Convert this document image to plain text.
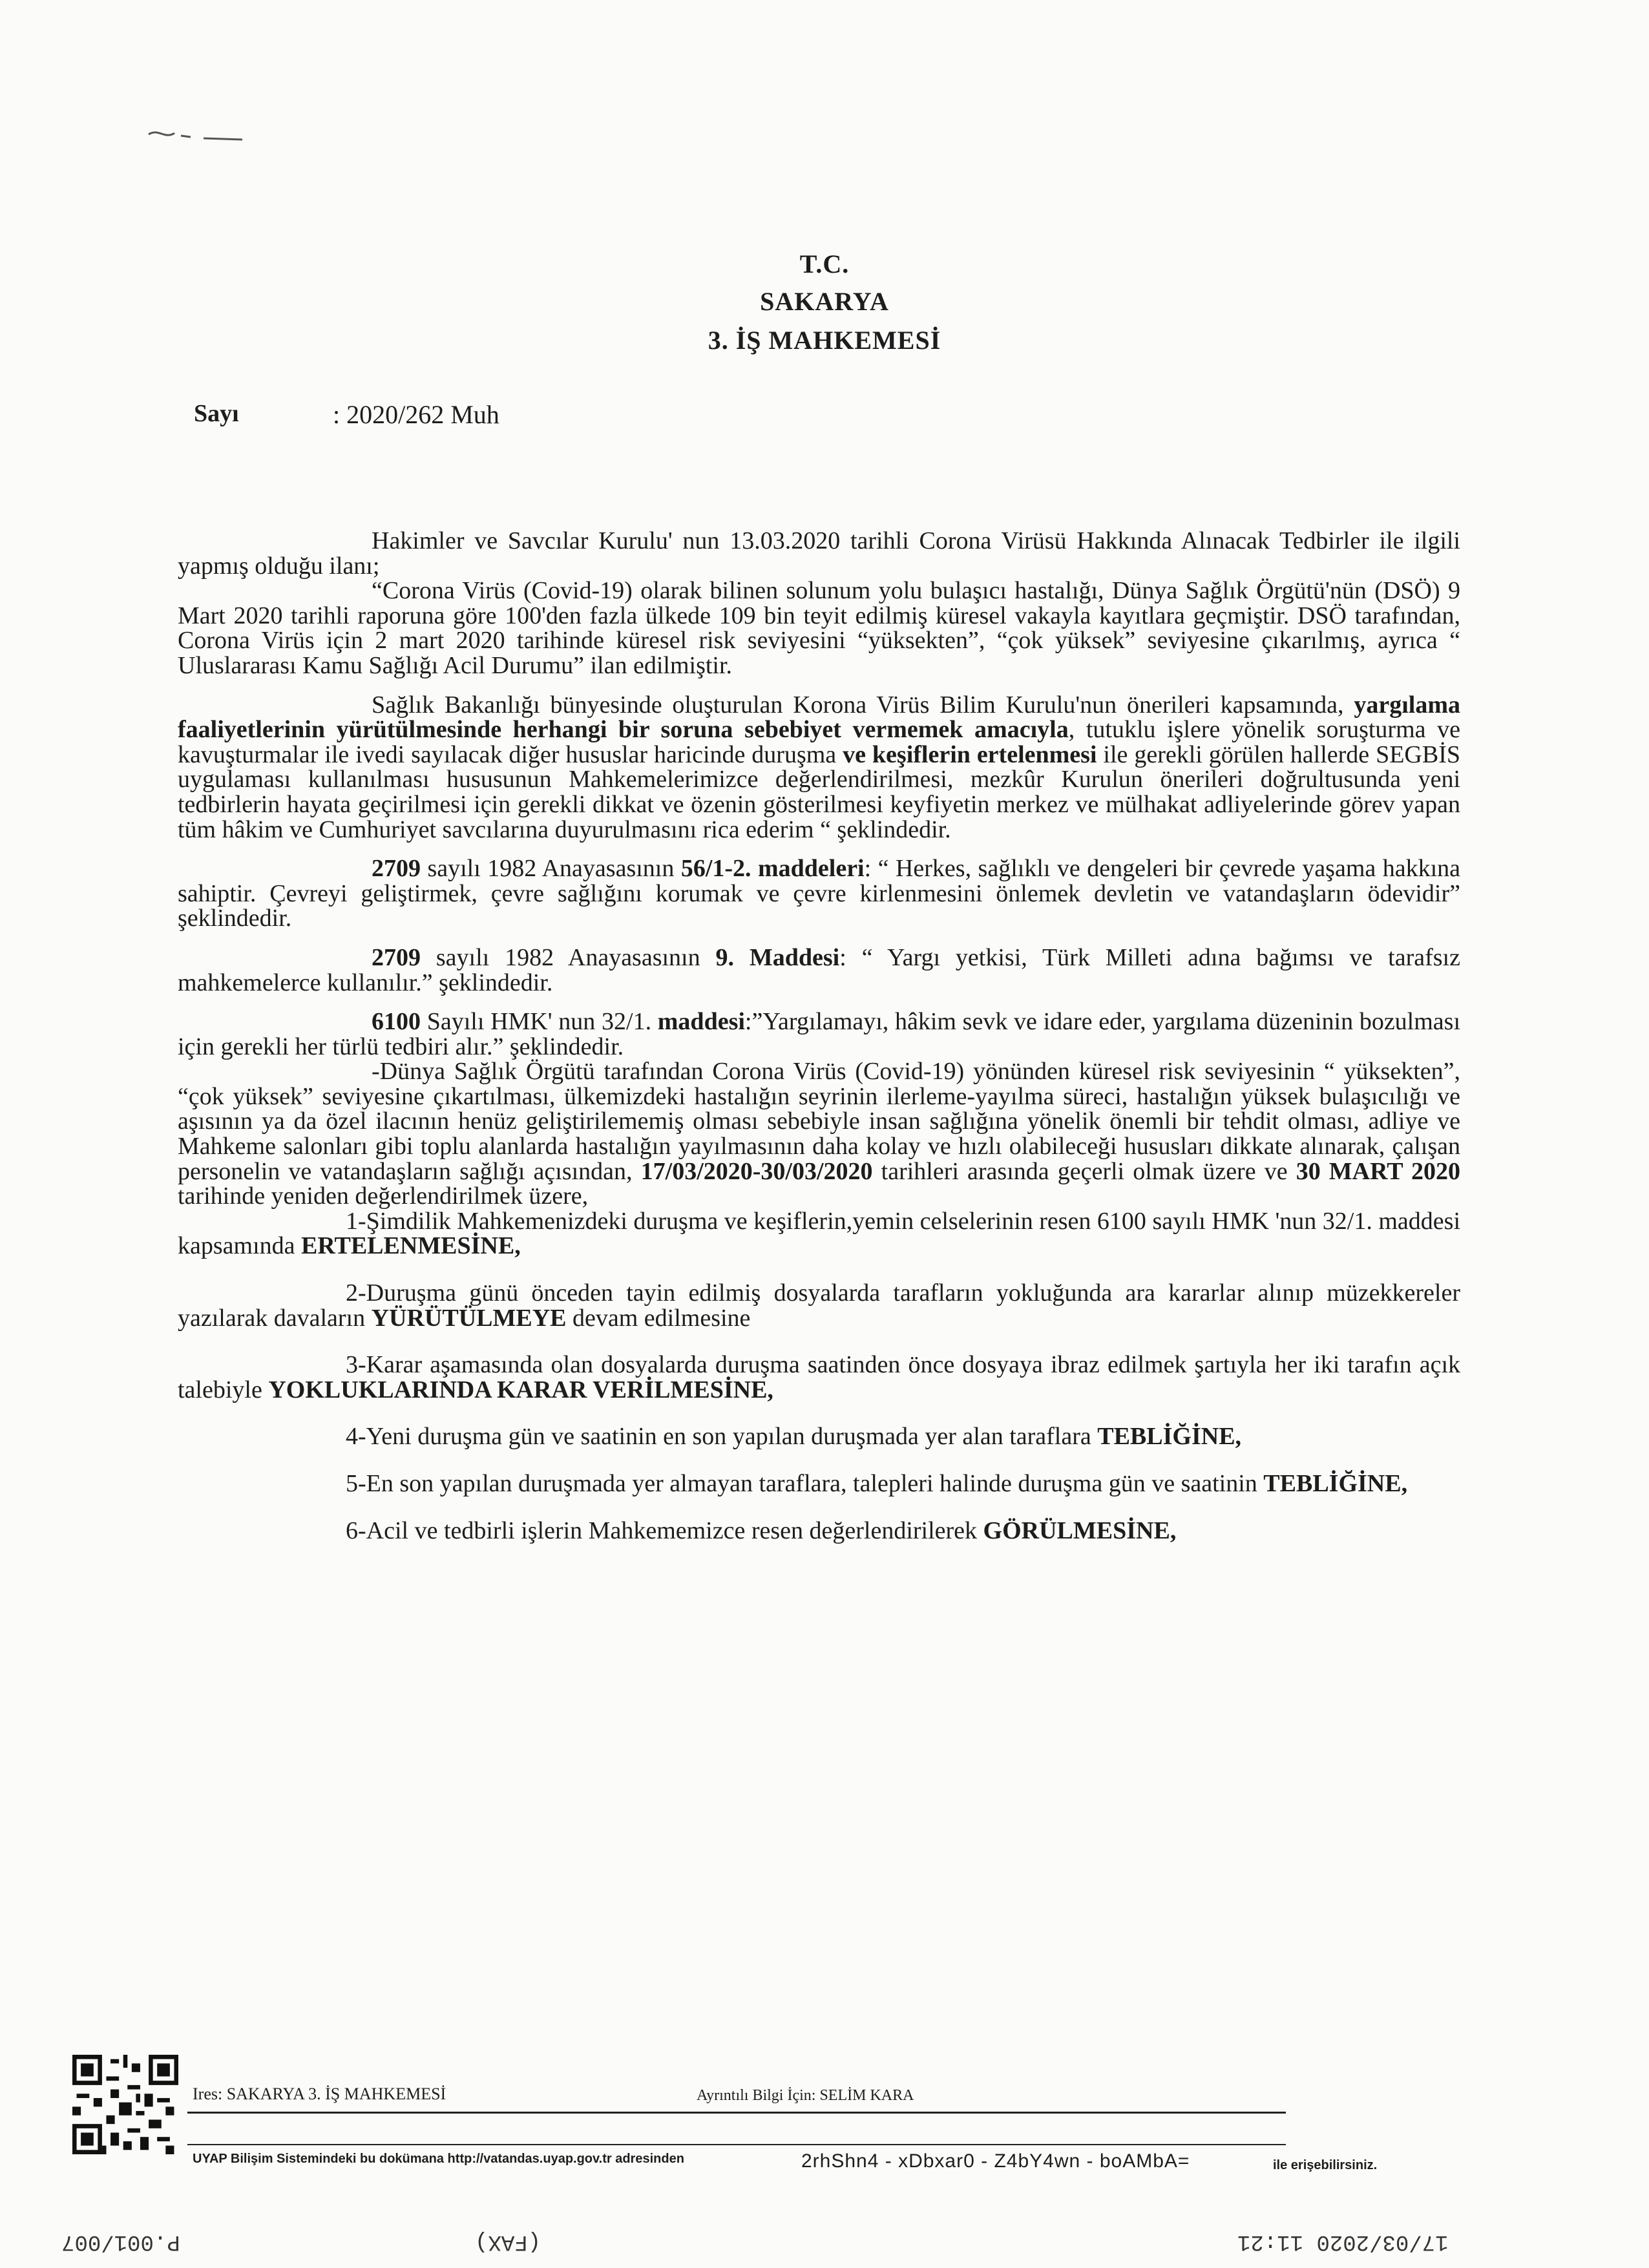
T.C.
SAKARYA
3. İŞ MAHKEMESİ
Sayı	: 2020/262 Muh

Hakimler ve Savcılar Kurulu' nun 13.03.2020 tarihli Corona Virüsü Hakkında Alınacak Tedbirler ile ilgili yapmış olduğu ilanı;

“Corona Virüs (Covid-19) olarak bilinen solunum yolu bulaşıcı hastalığı, Dünya Sağlık Örgütü'nün (DSÖ) 9 Mart 2020 tarihli raporuna göre 100'den fazla ülkede 109 bin teyit edilmiş küresel vakayla kayıtlara geçmiştir. DSÖ tarafından, Corona Virüs için 2 mart 2020 tarihinde küresel risk seviyesini “yüksekten”, “çok yüksek” seviyesine çıkarılmış, ayrıca “ Uluslararası Kamu Sağlığı Acil Durumu” ilan edilmiştir.

Sağlık Bakanlığı bünyesinde oluşturulan Korona Virüs Bilim Kurulu'nun önerileri kapsamında, yargılama faaliyetlerinin yürütülmesinde herhangi bir soruna sebebiyet vermemek amacıyla, tutuklu işlere yönelik soruşturma ve kavuşturmalar ile ivedi sayılacak diğer hususlar haricinde duruşma ve keşiflerin ertelenmesi ile gerekli görülen hallerde SEGBİS uygulaması kullanılması hususunun Mahkemelerimizce değerlendirilmesi, mezkûr Kurulun önerileri doğrultusunda yeni tedbirlerin hayata geçirilmesi için gerekli dikkat ve özenin gösterilmesi keyfiyetin merkez ve mülhakat adliyelerinde görev yapan tüm hâkim ve Cumhuriyet savcılarına duyurulmasını rica ederim “ şeklindedir.

2709 sayılı 1982 Anayasasının 56/1-2. maddeleri: “ Herkes, sağlıklı ve dengeleri bir çevrede yaşama hakkına sahiptir. Çevreyi geliştirmek, çevre sağlığını korumak ve çevre kirlenmesini önlemek devletin ve vatandaşların ödevidir” şeklindedir.

2709 sayılı 1982 Anayasasının 9. Maddesi: “ Yargı yetkisi, Türk Milleti adına bağımsı ve tarafsız mahkemelerce kullanılır.” şeklindedir.

6100 Sayılı HMK' nun 32/1. maddesi:”Yargılamayı, hâkim sevk ve idare eder, yargılama düzeninin bozulması için gerekli her türlü tedbiri alır.” şeklindedir.

-Dünya Sağlık Örgütü tarafından Corona Virüs (Covid-19) yönünden küresel risk seviyesinin “ yüksekten”, “çok yüksek” seviyesine çıkartılması, ülkemizdeki hastalığın seyrinin ilerleme-yayılma süreci, hastalığın yüksek bulaşıcılığı ve aşısının ya da özel ilacının henüz geliştirilememiş olması sebebiyle insan sağlığına yönelik önemli bir tehdit olması, adliye ve Mahkeme salonları gibi toplu alanlarda hastalığın yayılmasının daha kolay ve hızlı olabileceği hususları dikkate alınarak, çalışan personelin ve vatandaşların sağlığı açısından, 17/03/2020-30/03/2020 tarihleri arasında geçerli olmak üzere ve 30 MART 2020 tarihinde yeniden değerlendirilmek üzere,

1-Şimdilik Mahkemenizdeki duruşma ve keşiflerin,yemin celselerinin resen 6100 sayılı HMK 'nun 32/1. maddesi kapsamında ERTELENMESİNE,

2-Duruşma günü önceden tayin edilmiş dosyalarda tarafların yokluğunda ara kararlar alınıp müzekkereler yazılarak davaların YÜRÜTÜLMEYE devam edilmesine

3-Karar aşamasında olan dosyalarda duruşma saatinden önce dosyaya ibraz edilmek şartıyla her iki tarafın açık talebiyle YOKLUKLARINDA KARAR VERİLMESİNE,

4-Yeni duruşma gün ve saatinin en son yapılan duruşmada yer alan taraflara TEBLİĞİNE,

5-En son yapılan duruşmada yer almayan taraflara, talepleri halinde duruşma gün ve saatinin TEBLİĞİNE,

6-Acil ve tedbirli işlerin Mahkememizce resen değerlendirilerek GÖRÜLMESİNE,

Ires: SAKARYA 3. İŞ MAHKEMESİ	Ayrıntılı Bilgi İçin: SELİM KARA
UYAP Bilişim Sistemindeki bu dokümana http://vatandas.uyap.gov.tr adresinden	2rhShn4 - xDbxar0 - Z4bY4wn - boAMbA=	ile erişebilirsiniz.
P.001/007	(FAX)	17/03/2020 11:21
